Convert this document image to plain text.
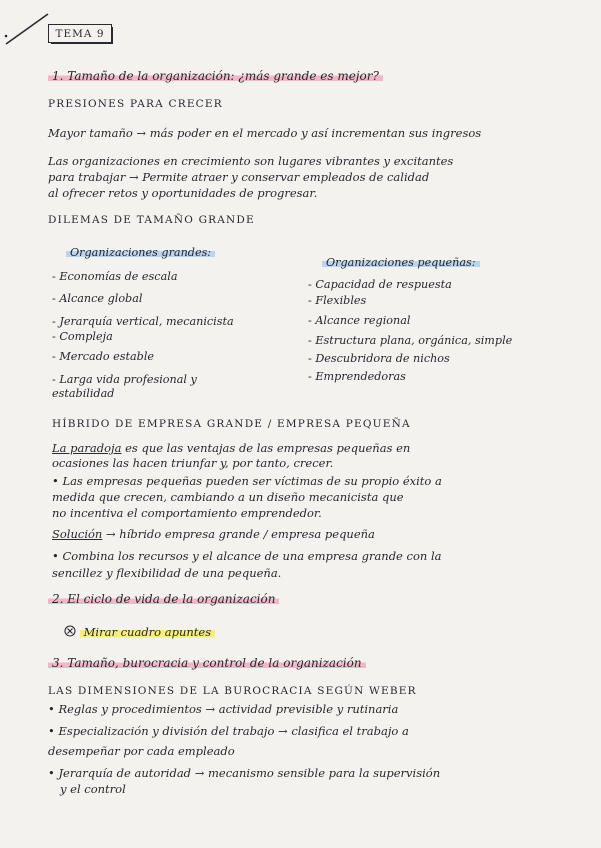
TEMA 9
1. Tamaño de la organización: ¿más grande es mejor?
PRESIONES PARA CRECER
Mayor tamaño → más poder en el mercado y así incrementan sus ingresos
Las organizaciones en crecimiento son lugares vibrantes y excitantes
para trabajar → Permite atraer y conservar empleados de calidad
al ofrecer retos y oportunidades de progresar.
DILEMAS DE TAMAÑO GRANDE
Organizaciones grandes:
- Economías de escala
- Alcance global
- Jerarquía vertical, mecanicista
- Compleja
- Mercado estable
- Larga vida profesional y
estabilidad
Organizaciones pequeñas:
- Capacidad de respuesta
- Flexibles
- Alcance regional
- Estructura plana, orgánica, simple
- Descubridora de nichos
- Emprendedoras
HÍBRIDO DE EMPRESA GRANDE / EMPRESA PEQUEÑA
La paradoja es que las ventajas de las empresas pequeñas en
ocasiones las hacen triunfar y, por tanto, crecer.
• Las empresas pequeñas pueden ser víctimas de su propio éxito a
medida que crecen, cambiando a un diseño mecanicista que
no incentiva el comportamiento emprendedor.
Solución → híbrido empresa grande / empresa pequeña
• Combina los recursos y el alcance de una empresa grande con la
sencillez y flexibilidad de una pequeña.
2. El ciclo de vida de la organización
Mirar cuadro apuntes
3. Tamaño, burocracia y control de la organización
LAS DIMENSIONES DE LA BUROCRACIA SEGÚN WEBER
• Reglas y procedimientos → actividad previsible y rutinaria
• Especialización y división del trabajo → clasifica el trabajo a
desempeñar por cada empleado
• Jerarquía de autoridad → mecanismo sensible para la supervisión
y el control
